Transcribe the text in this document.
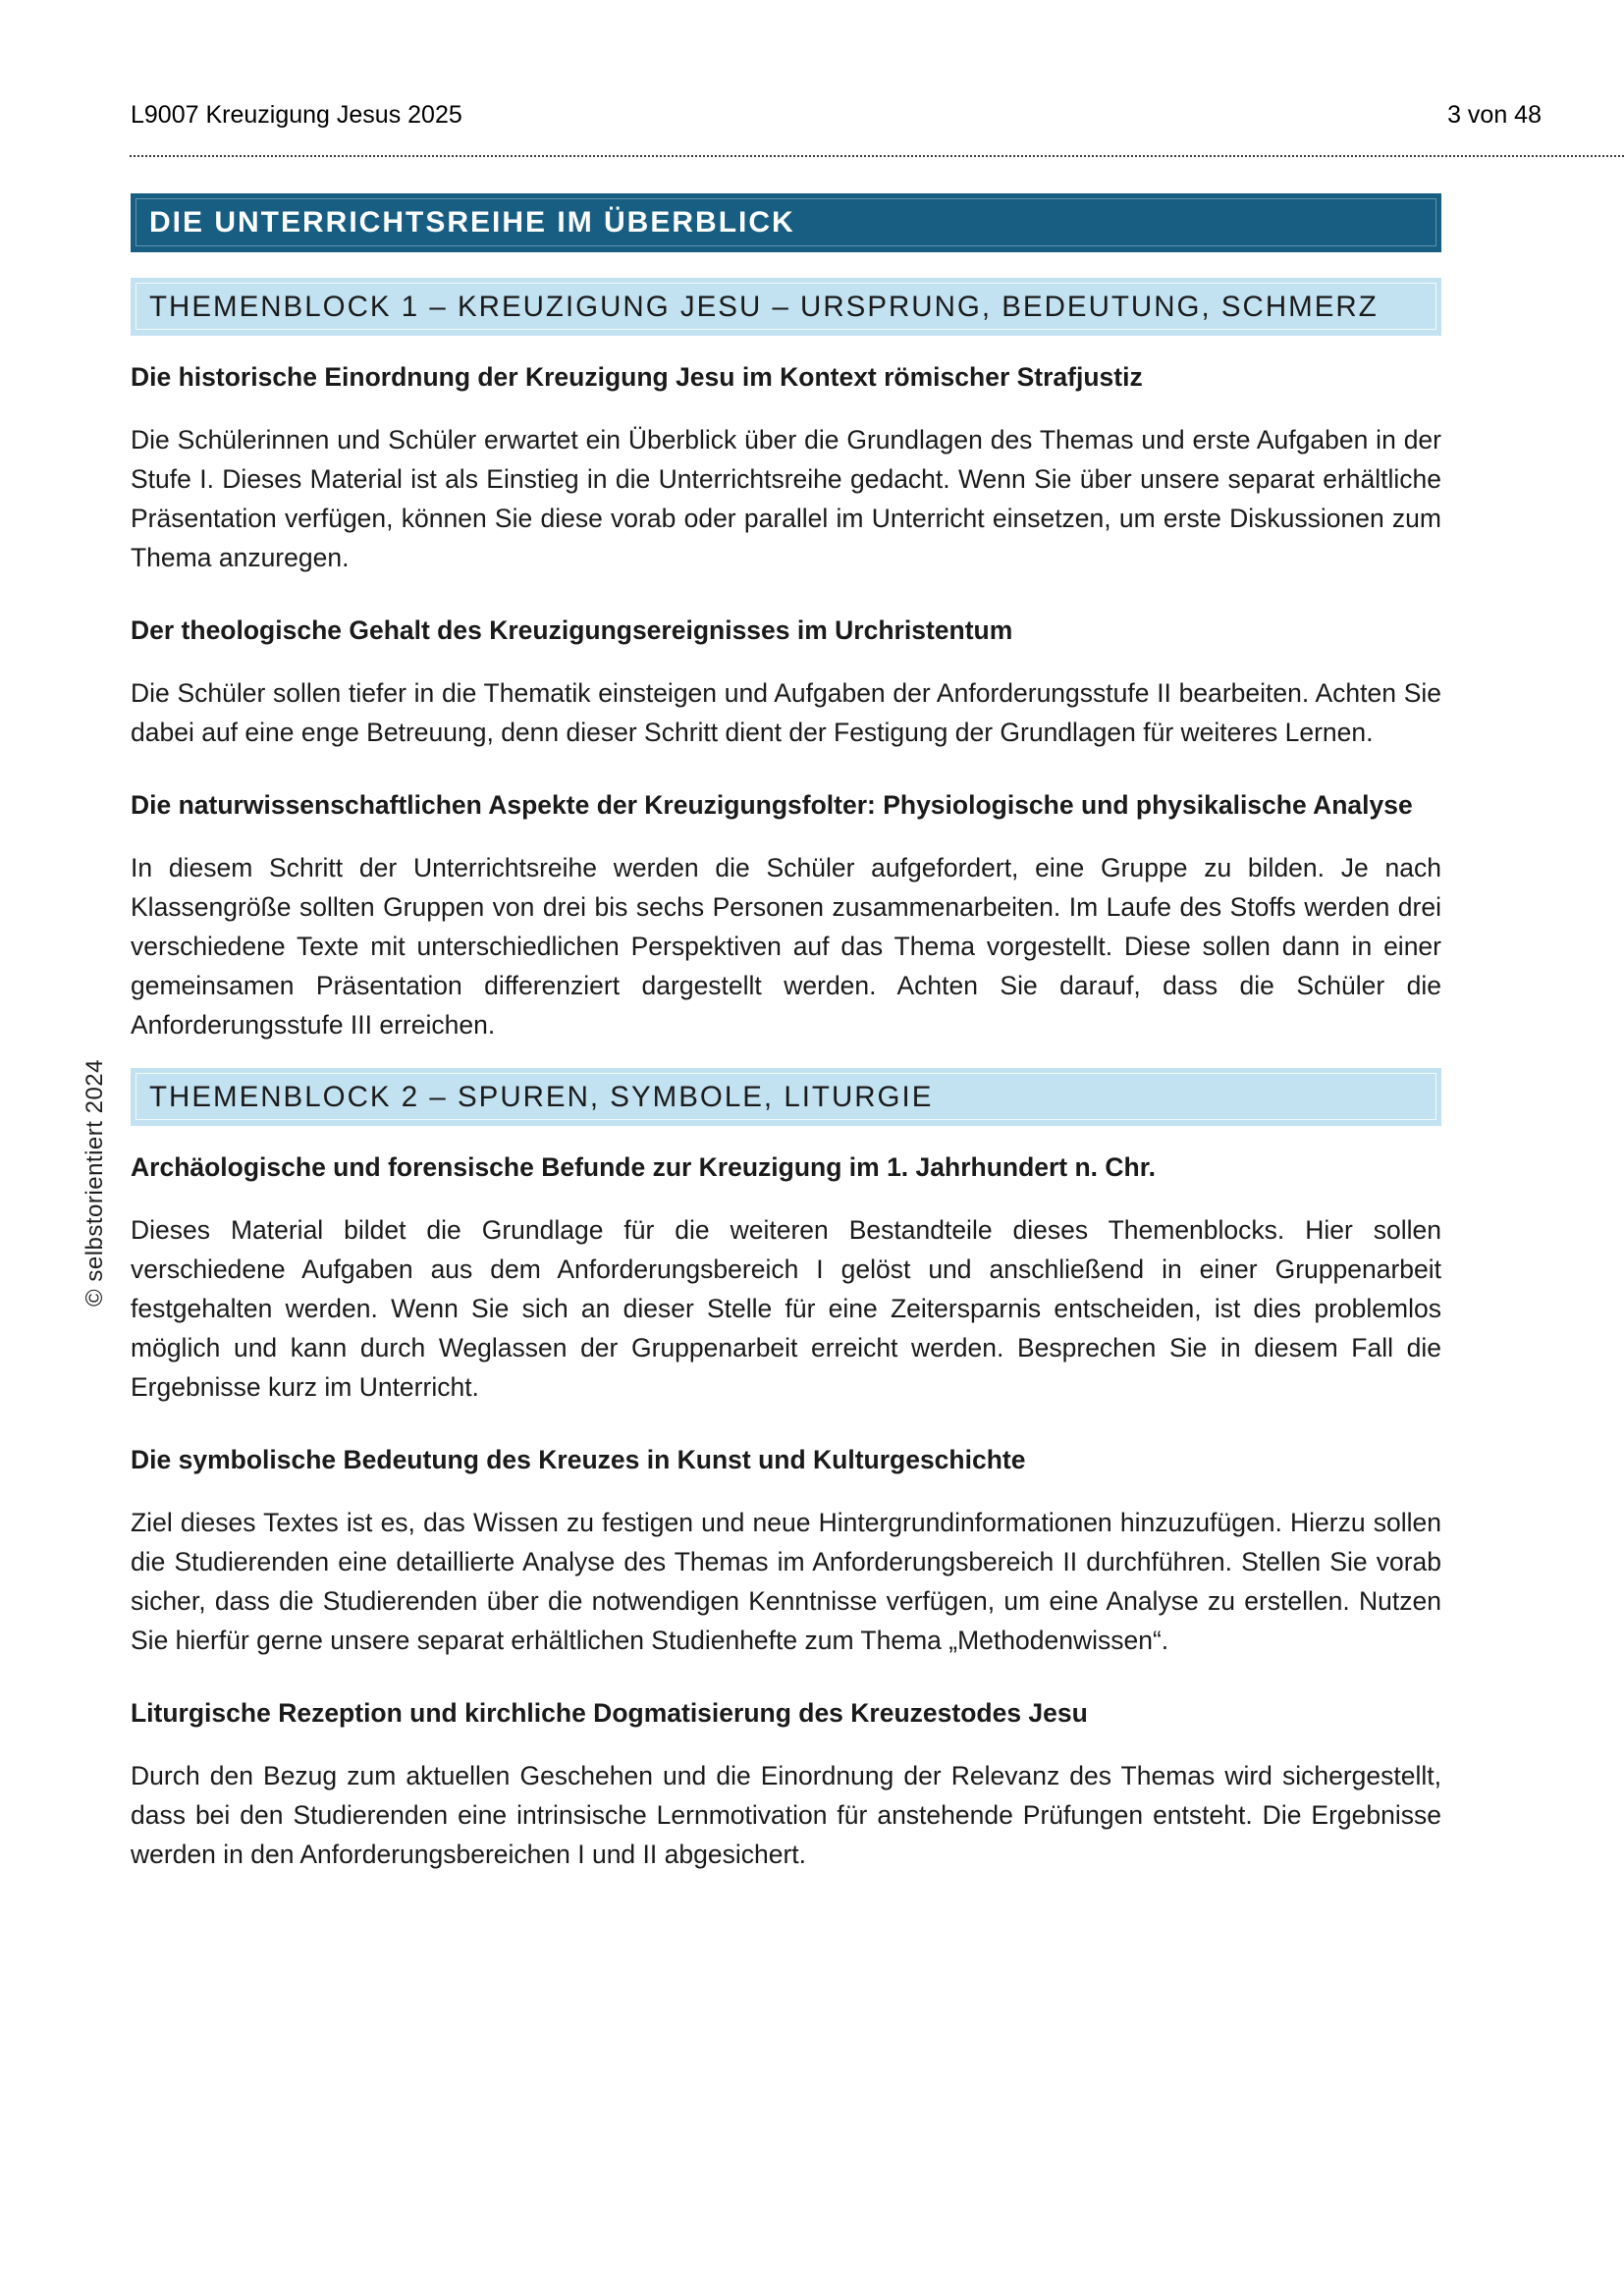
L9007 Kreuzigung Jesus 2025	3 von 48
© selbstorientiert 2024
DIE UNTERRICHTSREIHE IM ÜBERBLICK
THEMENBLOCK 1 – KREUZIGUNG JESU – URSPRUNG, BEDEUTUNG, SCHMERZ
Die historische Einordnung der Kreuzigung Jesu im Kontext römischer Strafjustiz

Die Schülerinnen und Schüler erwartet ein Überblick über die Grundlagen des Themas und erste Aufgaben in der Stufe I. Dieses Material ist als Einstieg in die Unterrichtsreihe gedacht. Wenn Sie über unsere separat erhältliche Präsentation verfügen, können Sie diese vorab oder parallel im Unterricht einsetzen, um erste Diskussionen zum Thema anzuregen.

Der theologische Gehalt des Kreuzigungsereignisses im Urchristentum

Die Schüler sollen tiefer in die Thematik einsteigen und Aufgaben der Anforderungsstufe II bearbeiten. Achten Sie dabei auf eine enge Betreuung, denn dieser Schritt dient der Festigung der Grundlagen für weiteres Lernen.

Die naturwissenschaftlichen Aspekte der Kreuzigungsfolter: Physiologische und physikalische Analyse

In diesem Schritt der Unterrichtsreihe werden die Schüler aufgefordert, eine Gruppe zu bilden. Je nach Klassengröße sollten Gruppen von drei bis sechs Personen zusammenarbeiten. Im Laufe des Stoffs werden drei verschiedene Texte mit unterschiedlichen Perspektiven auf das Thema vorgestellt. Diese sollen dann in einer gemeinsamen Präsentation differenziert dargestellt werden. Achten Sie darauf, dass die Schüler die Anforderungsstufe III erreichen.

THEMENBLOCK 2 – SPUREN, SYMBOLE, LITURGIE
Archäologische und forensische Befunde zur Kreuzigung im 1. Jahrhundert n. Chr.

Dieses Material bildet die Grundlage für die weiteren Bestandteile dieses Themenblocks. Hier sollen verschiedene Aufgaben aus dem Anforderungsbereich I gelöst und anschließend in einer Gruppenarbeit festgehalten werden. Wenn Sie sich an dieser Stelle für eine Zeitersparnis entscheiden, ist dies problemlos möglich und kann durch Weglassen der Gruppenarbeit erreicht werden. Besprechen Sie in diesem Fall die Ergebnisse kurz im Unterricht.

Die symbolische Bedeutung des Kreuzes in Kunst und Kulturgeschichte

Ziel dieses Textes ist es, das Wissen zu festigen und neue Hintergrundinformationen hinzuzufügen. Hierzu sollen die Studierenden eine detaillierte Analyse des Themas im Anforderungsbereich II durchführen. Stellen Sie vorab sicher, dass die Studierenden über die notwendigen Kenntnisse verfügen, um eine Analyse zu erstellen. Nutzen Sie hierfür gerne unsere separat erhältlichen Studienhefte zum Thema „Methodenwissen“.

Liturgische Rezeption und kirchliche Dogmatisierung des Kreuzestodes Jesu

Durch den Bezug zum aktuellen Geschehen und die Einordnung der Relevanz des Themas wird sichergestellt, dass bei den Studierenden eine intrinsische Lernmotivation für anstehende Prüfungen entsteht. Die Ergebnisse werden in den Anforderungsbereichen I und II abgesichert.
